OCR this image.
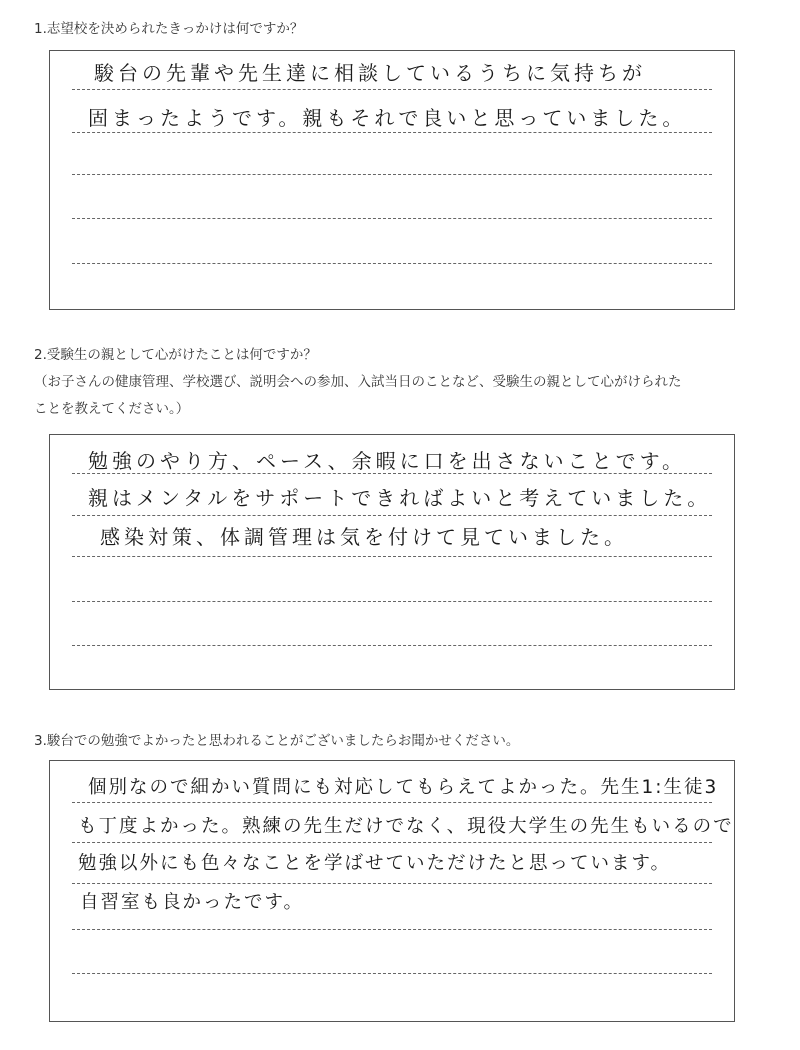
1.志望校を決められたきっかけは何ですか？
駿台の先輩や先生達に相談しているうちに気持ちが
固まったようです。親もそれで良いと思っていました。
2.受験生の親として心がけたことは何ですか？
（お子さんの健康管理、学校選び、説明会への参加、入試当日のことなど、受験生の親として心がけられた
ことを教えてください。）
勉強のやり方、ペース、余暇に口を出さないことです。
親はメンタルをサポートできればよいと考えていました。
感染対策、体調管理は気を付けて見ていました。
3.駿台での勉強でよかったと思われることがございましたらお聞かせください。
個別なので細かい質問にも対応してもらえてよかった。先生1:生徒3
も丁度よかった。熟練の先生だけでなく、現役大学生の先生もいるので
勉強以外にも色々なことを学ばせていただけたと思っています。
自習室も良かったです。
